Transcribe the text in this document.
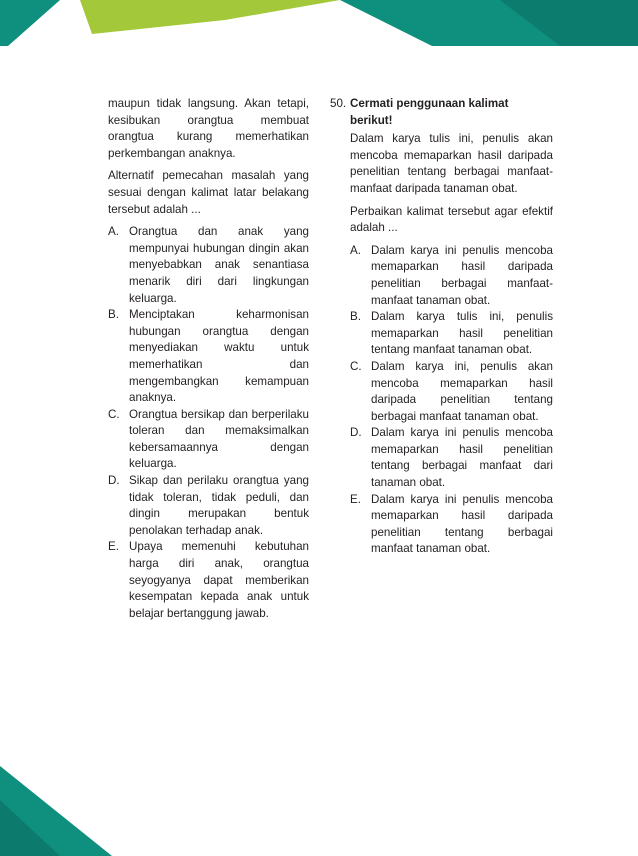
maupun tidak langsung. Akan tetapi, kesibukan orangtua membuat orangtua kurang memerhatikan perkembangan anaknya.

Alternatif pemecahan masalah yang sesuai dengan kalimat latar belakang tersebut adalah ...

A. Orangtua dan anak yang mempunyai hubungan dingin akan menyebabkan anak senantiasa menarik diri dari lingkungan keluarga.
B. Menciptakan keharmonisan hubungan orangtua dengan menyediakan waktu untuk memerhatikan dan mengembangkan kemampuan anaknya.
C. Orangtua bersikap dan berperilaku toleran dan memaksimalkan kebersamaannya dengan keluarga.
D. Sikap dan perilaku orangtua yang tidak toleran, tidak peduli, dan dingin merupakan bentuk penolakan terhadap anak.
E. Upaya memenuhi kebutuhan harga diri anak, orangtua seyogyanya dapat memberikan kesempatan kepada anak untuk belajar bertanggung jawab.
50. Cermati penggunaan kalimat berikut!

Dalam karya tulis ini, penulis akan mencoba memaparkan hasil daripada penelitian tentang berbagai manfaat-manfaat daripada tanaman obat.

Perbaikan kalimat tersebut agar efektif adalah ...

A. Dalam karya ini penulis mencoba memaparkan hasil daripada penelitian berbagai manfaat-manfaat tanaman obat.
B. Dalam karya tulis ini, penulis memaparkan hasil penelitian tentang manfaat tanaman obat.
C. Dalam karya ini, penulis akan mencoba memaparkan hasil daripada penelitian tentang berbagai manfaat tanaman obat.
D. Dalam karya ini penulis mencoba memaparkan hasil penelitian tentang berbagai manfaat dari tanaman obat.
E. Dalam karya ini penulis mencoba memaparkan hasil daripada penelitian tentang berbagai manfaat tanaman obat.
